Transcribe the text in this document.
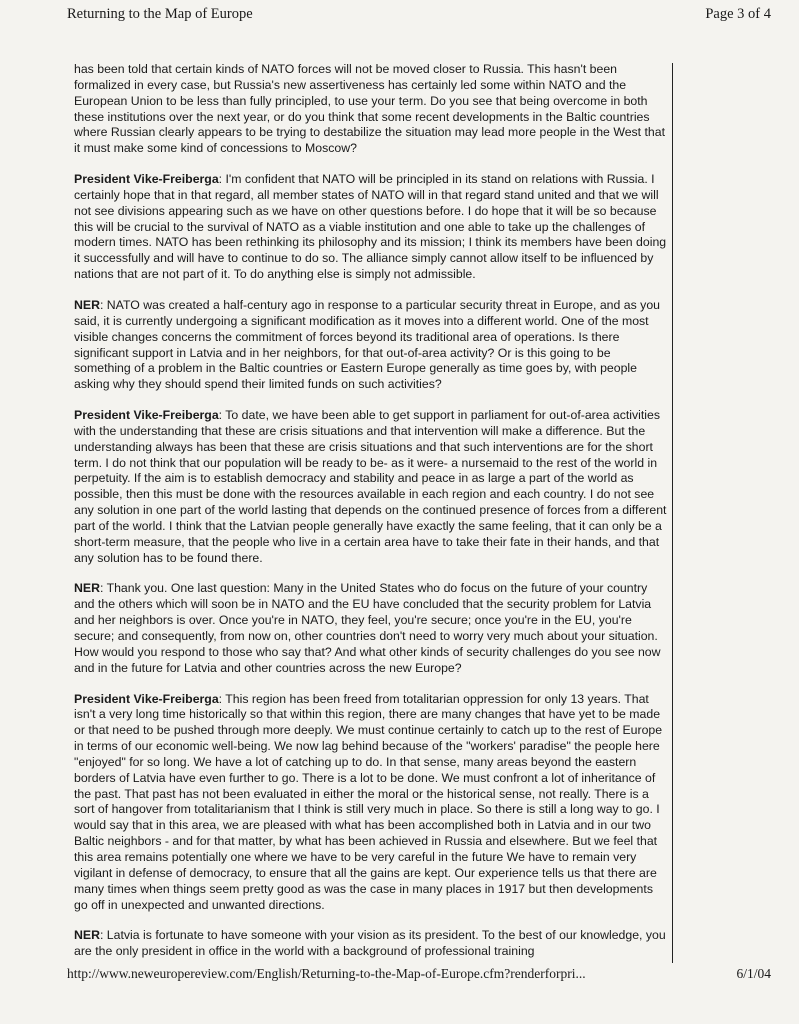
Returning to the Map of Europe	Page 3 of 4

has been told that certain kinds of NATO forces will not be moved closer to Russia. This hasn't been formalized in every case, but Russia's new assertiveness has certainly led some within NATO and the European Union to be less than fully principled, to use your term. Do you see that being overcome in both these institutions over the next year, or do you think that some recent developments in the Baltic countries where Russian clearly appears to be trying to destabilize the situation may lead more people in the West that it must make some kind of concessions to Moscow?

President Vike-Freiberga: I'm confident that NATO will be principled in its stand on relations with Russia. I certainly hope that in that regard, all member states of NATO will in that regard stand united and that we will not see divisions appearing such as we have on other questions before. I do hope that it will be so because this will be crucial to the survival of NATO as a viable institution and one able to take up the challenges of modern times. NATO has been rethinking its philosophy and its mission; I think its members have been doing it successfully and will have to continue to do so. The alliance simply cannot allow itself to be influenced by nations that are not part of it. To do anything else is simply not admissible.

NER: NATO was created a half-century ago in response to a particular security threat in Europe, and as you said, it is currently undergoing a significant modification as it moves into a different world. One of the most visible changes concerns the commitment of forces beyond its traditional area of operations. Is there significant support in Latvia and in her neighbors, for that out-of-area activity? Or is this going to be something of a problem in the Baltic countries or Eastern Europe generally as time goes by, with people asking why they should spend their limited funds on such activities?

President Vike-Freiberga: To date, we have been able to get support in parliament for out-of-area activities with the understanding that these are crisis situations and that intervention will make a difference. But the understanding always has been that these are crisis situations and that such interventions are for the short term. I do not think that our population will be ready to be- as it were- a nursemaid to the rest of the world in perpetuity. If the aim is to establish democracy and stability and peace in as large a part of the world as possible, then this must be done with the resources available in each region and each country. I do not see any solution in one part of the world lasting that depends on the continued presence of forces from a different part of the world. I think that the Latvian people generally have exactly the same feeling, that it can only be a short-term measure, that the people who live in a certain area have to take their fate in their hands, and that any solution has to be found there.

NER: Thank you. One last question: Many in the United States who do focus on the future of your country and the others which will soon be in NATO and the EU have concluded that the security problem for Latvia and her neighbors is over. Once you're in NATO, they feel, you're secure; once you're in the EU, you're secure; and consequently, from now on, other countries don't need to worry very much about your situation. How would you respond to those who say that? And what other kinds of security challenges do you see now and in the future for Latvia and other countries across the new Europe?

President Vike-Freiberga: This region has been freed from totalitarian oppression for only 13 years. That isn't a very long time historically so that within this region, there are many changes that have yet to be made or that need to be pushed through more deeply. We must continue certainly to catch up to the rest of Europe in terms of our economic well-being. We now lag behind because of the "workers' paradise" the people here "enjoyed" for so long. We have a lot of catching up to do. In that sense, many areas beyond the eastern borders of Latvia have even further to go. There is a lot to be done. We must confront a lot of inheritance of the past. That past has not been evaluated in either the moral or the historical sense, not really. There is a sort of hangover from totalitarianism that I think is still very much in place. So there is still a long way to go. I would say that in this area, we are pleased with what has been accomplished both in Latvia and in our two Baltic neighbors - and for that matter, by what has been achieved in Russia and elsewhere. But we feel that this area remains potentially one where we have to be very careful in the future We have to remain very vigilant in defense of democracy, to ensure that all the gains are kept. Our experience tells us that there are many times when things seem pretty good as was the case in many places in 1917 but then developments go off in unexpected and unwanted directions.

NER: Latvia is fortunate to have someone with your vision as its president. To the best of our knowledge, you are the only president in office in the world with a background of professional training

http://www.neweuropereview.com/English/Returning-to-the-Map-of-Europe.cfm?renderforpri...	6/1/04
